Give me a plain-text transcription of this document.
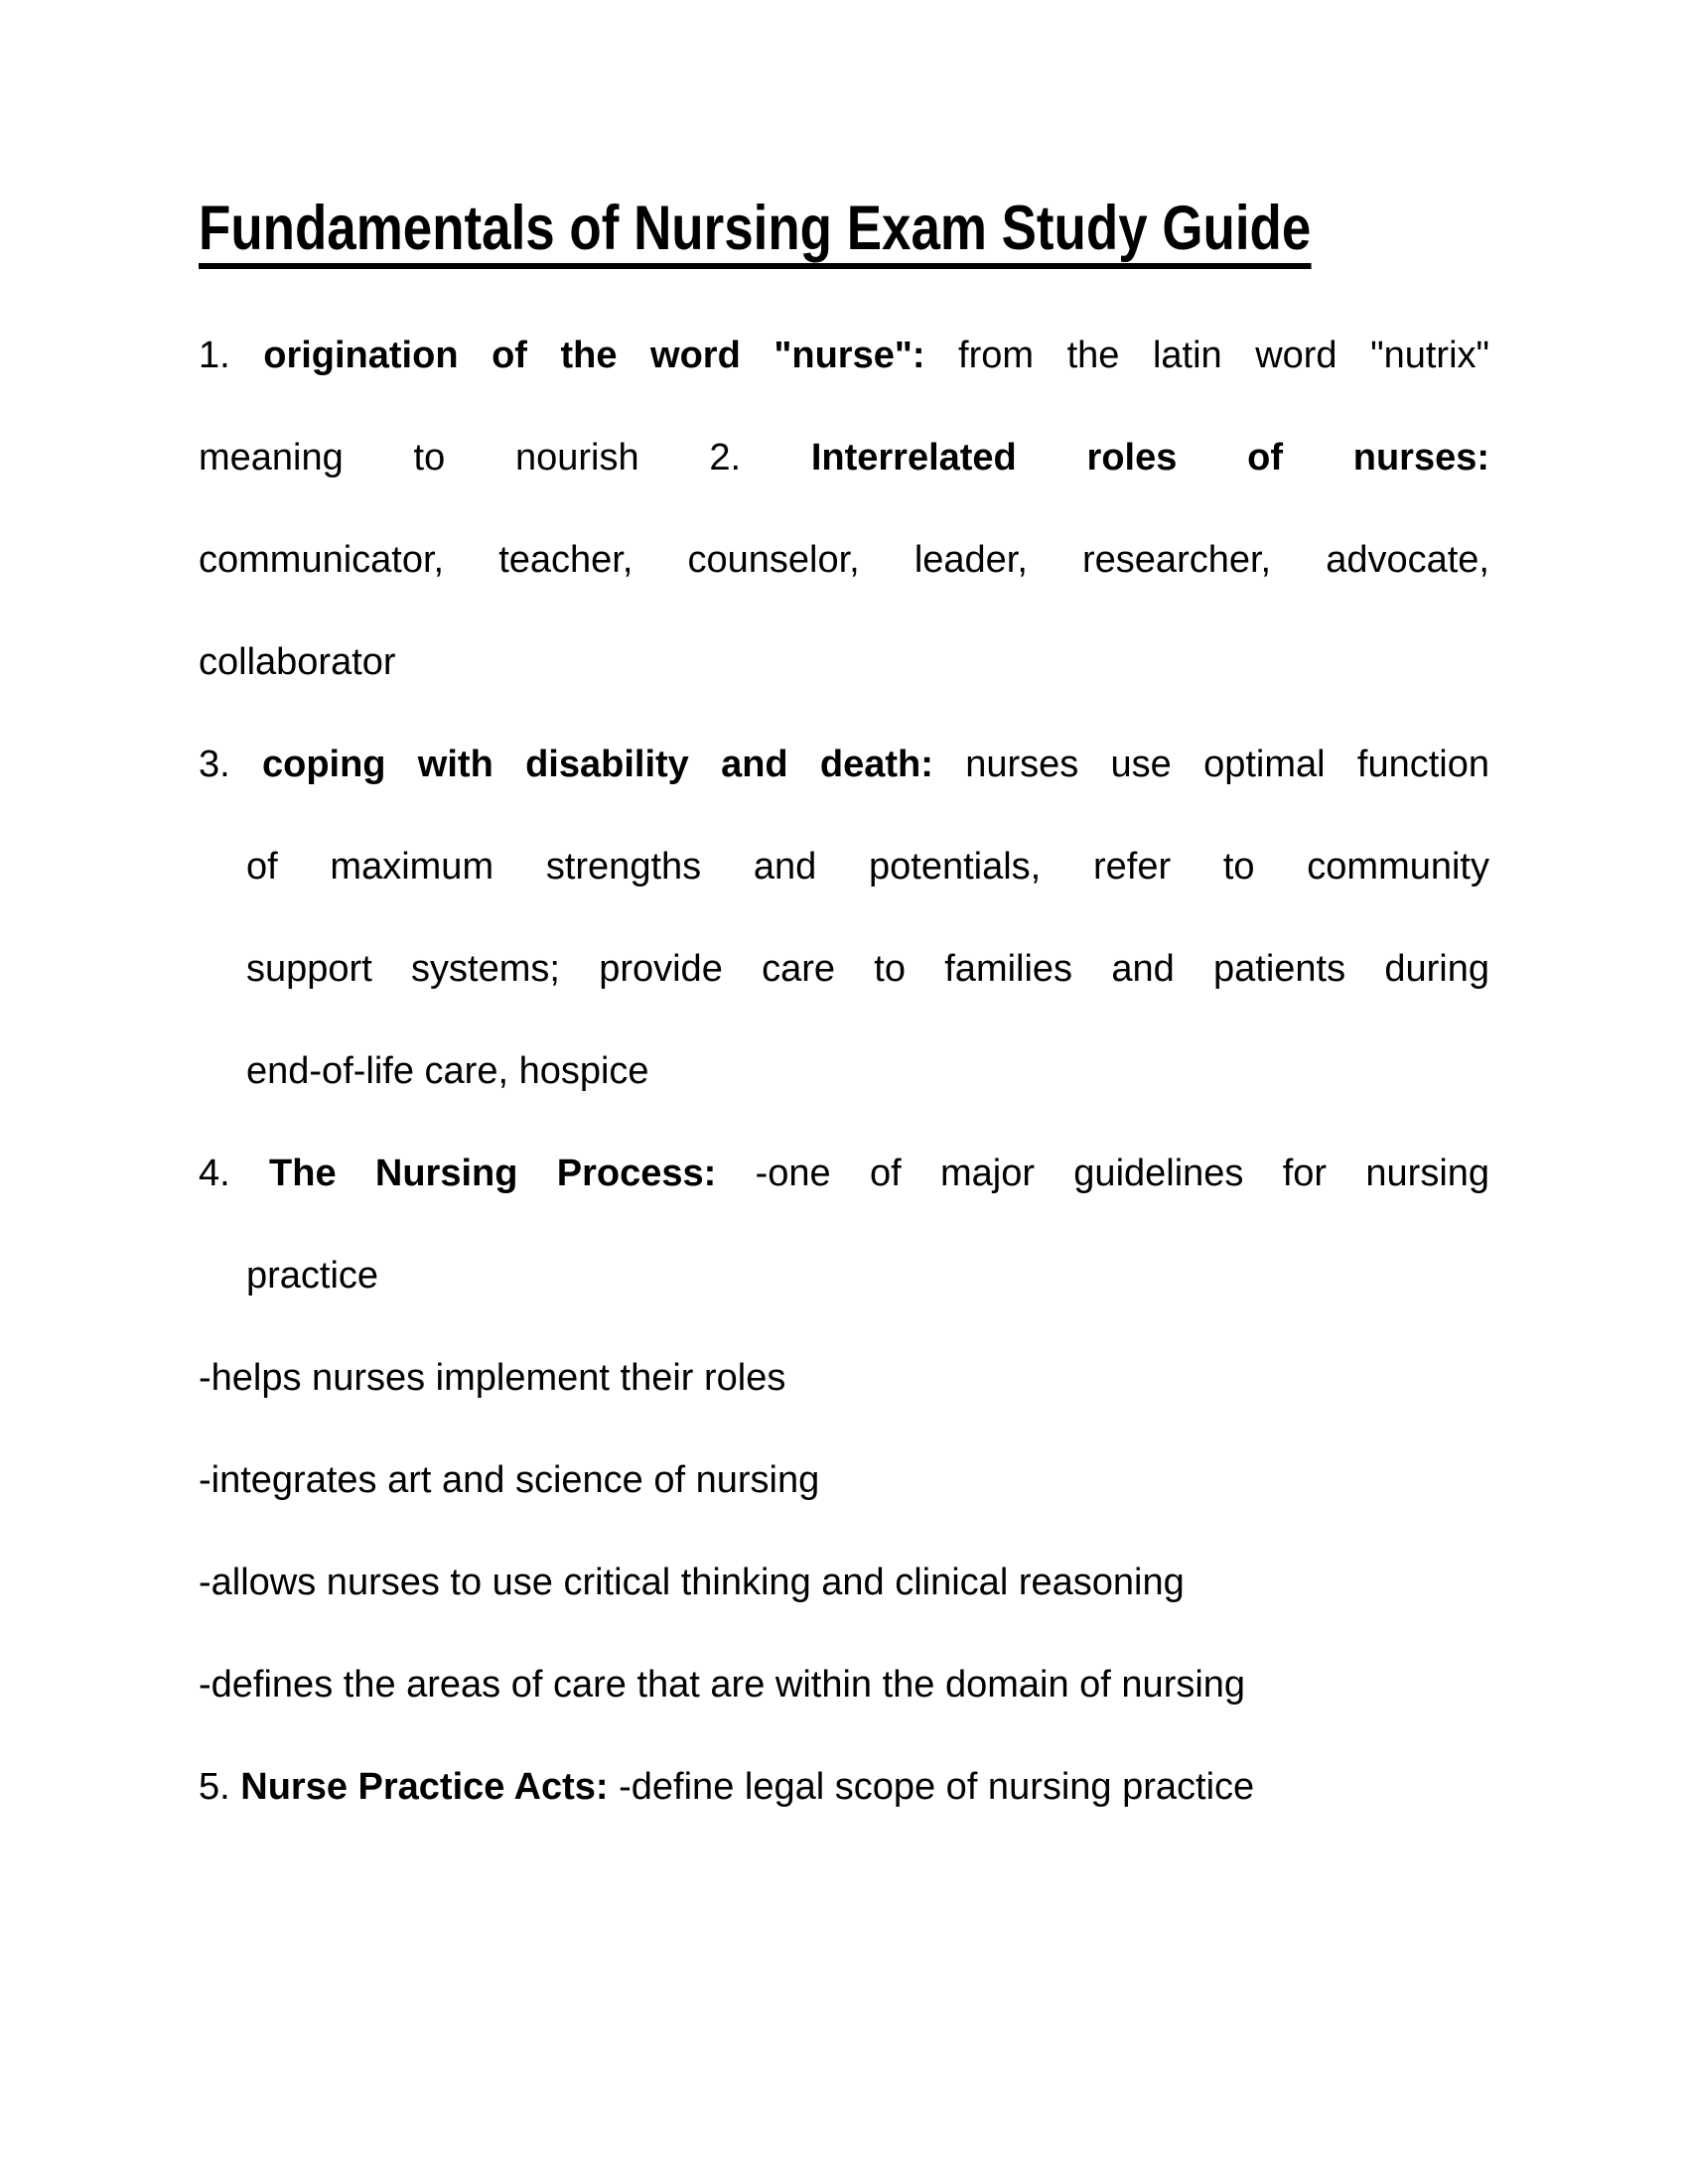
Fundamentals of Nursing Exam Study Guide
1. origination of the word "nurse": from the latin word "nutrix"
meaning to nourish 2. Interrelated roles of nurses:
communicator, teacher, counselor, leader, researcher, advocate,
collaborator
3. coping with disability and death: nurses use optimal function
of maximum strengths and potentials, refer to community
support systems; provide care to families and patients during
end-of-life care, hospice
4. The Nursing Process: -one of major guidelines for nursing
practice
-helps nurses implement their roles
-integrates art and science of nursing
-allows nurses to use critical thinking and clinical reasoning
-defines the areas of care that are within the domain of nursing
5. Nurse Practice Acts: -define legal scope of nursing practice
